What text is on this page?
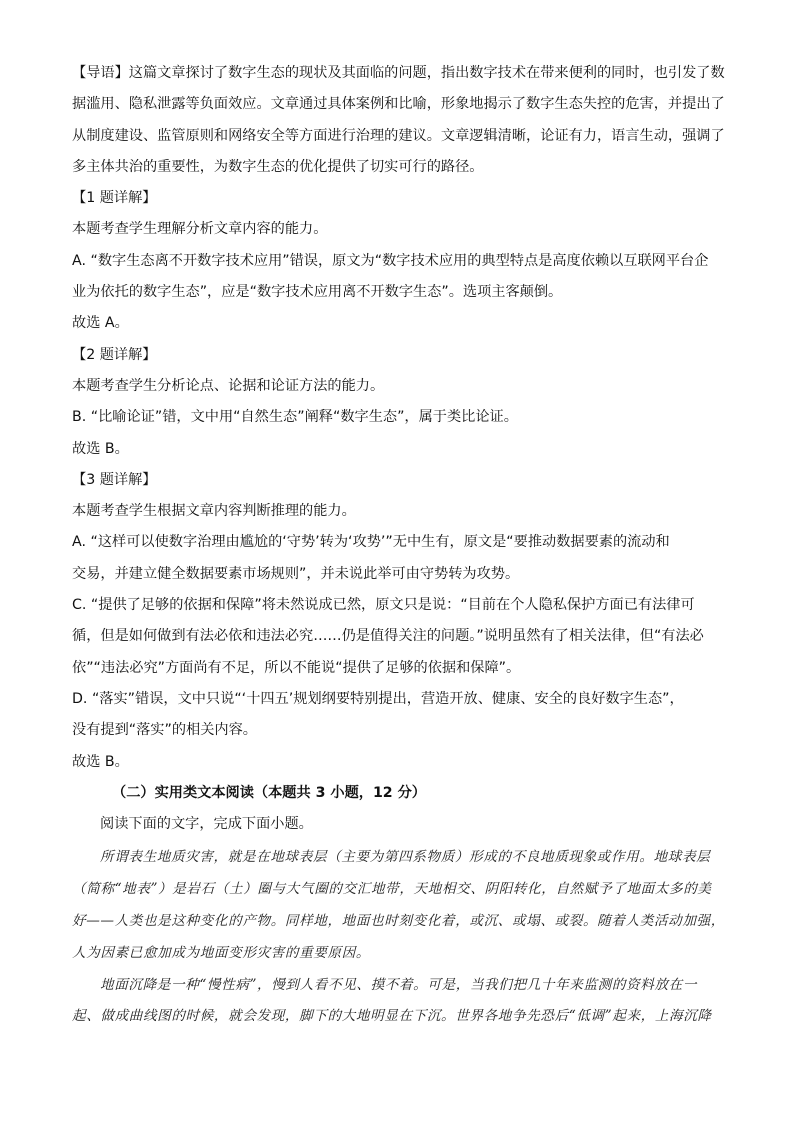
【导语】这篇文章探讨了数字生态的现状及其面临的问题，指出数字技术在带来便利的同时，也引发了数

据滥用、隐私泄露等负面效应。文章通过具体案例和比喻，形象地揭示了数字生态失控的危害，并提出了

从制度建设、监管原则和网络安全等方面进行治理的建议。文章逻辑清晰，论证有力，语言生动，强调了

多主体共治的重要性，为数字生态的优化提供了切实可行的路径。

【1 题详解】

本题考查学生理解分析文章内容的能力。

A. “数字生态离不开数字技术应用”错误，原文为“数字技术应用的典型特点是高度依赖以互联网平台企

业为依托的数字生态”，应是“数字技术应用离不开数字生态”。选项主客颠倒。

故选 A。

【2 题详解】

本题考查学生分析论点、论据和论证方法的能力。

B. “比喻论证”错，文中用“自然生态”阐释“数字生态”，属于类比论证。

故选 B。

【3 题详解】

本题考查学生根据文章内容判断推理的能力。

A. “这样可以使数字治理由尴尬的‘守势’转为‘攻势’”无中生有，原文是“要推动数据要素的流动和

交易，并建立健全数据要素市场规则”，并未说此举可由守势转为攻势。

C. “提供了足够的依据和保障”将未然说成已然，原文只是说：“目前在个人隐私保护方面已有法律可

循，但是如何做到有法必依和违法必究……仍是值得关注的问题。”说明虽然有了相关法律，但“有法必

依”“违法必究”方面尚有不足，所以不能说“提供了足够的依据和保障”。

D. “落实”错误，文中只说“‘十四五’规划纲要特别提出，营造开放、健康、安全的良好数字生态”，

没有提到“落实”的相关内容。

故选 B。

（二）实用类文本阅读（本题共 3 小题，12 分）

阅读下面的文字，完成下面小题。

所谓表生地质灾害，就是在地球表层（主要为第四系物质）形成的不良地质现象或作用。地球表层

（简称“地表”）是岩石（土）圈与大气圈的交汇地带，天地相交、阴阳转化，自然赋予了地面太多的美

好——人类也是这种变化的产物。同样地，地面也时刻变化着，或沉、或塌、或裂。随着人类活动加强，

人为因素已愈加成为地面变形灾害的重要原因。

地面沉降是一种“慢性病”，慢到人看不见、摸不着。可是，当我们把几十年来监测的资料放在一

起、做成曲线图的时候，就会发现，脚下的大地明显在下沉。世界各地争先恐后“低调”起来，上海沉降
